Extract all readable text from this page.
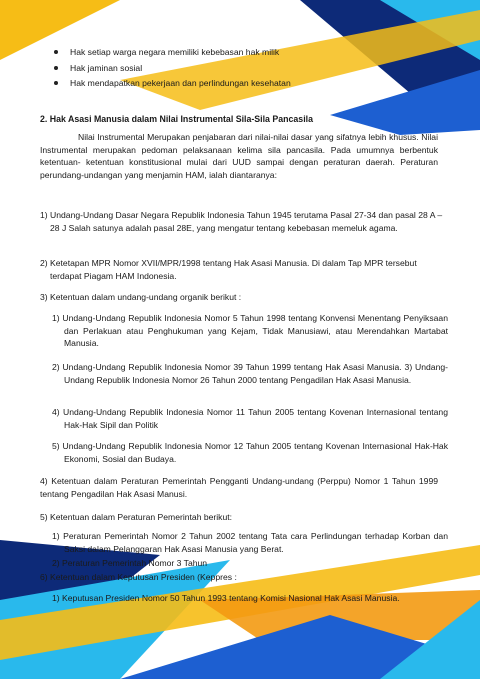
Hak setiap warga negara memiliki kebebasan hak milik
Hak jaminan sosial
Hak mendapatkan pekerjaan dan perlindungan kesehatan
2. Hak Asasi Manusia dalam Nilai Instrumental Sila-Sila Pancasila
Nilai Instrumental Merupakan penjabaran dari nilai-nilai dasar yang sifatnya lebih khusus. Nilai Instrumental merupakan pedoman pelaksanaan kelima sila pancasila. Pada umumnya berbentuk ketentuan- ketentuan konstitusional mulai dari UUD sampai dengan peraturan daerah. Peraturan perundang-undangan yang menjamin HAM, ialah diantaranya:
1) Undang-Undang Dasar Negara Republik Indonesia Tahun 1945 terutama Pasal 27-34 dan pasal 28 A – 28 J Salah satunya adalah pasal 28E, yang mengatur tentang kebebasan memeluk agama.
2) Ketetapan MPR Nomor XVII/MPR/1998 tentang Hak Asasi Manusia. Di dalam Tap MPR tersebut terdapat Piagam HAM Indonesia.
3) Ketentuan dalam undang-undang organik berikut :
1) Undang-Undang Republik Indonesia Nomor 5 Tahun 1998 tentang Konvensi Menentang Penyiksaan dan Perlakuan atau Penghukuman yang Kejam, Tidak Manusiawi, atau Merendahkan Martabat Manusia.
2) Undang-Undang Republik Indonesia Nomor 39 Tahun 1999 tentang Hak Asasi Manusia. 3) Undang-Undang Republik Indonesia Nomor 26 Tahun 2000 tentang Pengadilan Hak Asasi Manusia.
4) Undang-Undang Republik Indonesia Nomor 11 Tahun 2005 tentang Kovenan Internasional tentang Hak-Hak Sipil dan Politik
5) Undang-Undang Republik Indonesia Nomor 12 Tahun 2005 tentang Kovenan Internasional Hak-Hak Ekonomi, Sosial dan Budaya.
4) Ketentuan dalam Peraturan Pemerintah Pengganti Undang-undang (Perppu) Nomor 1 Tahun 1999 tentang Pengadilan Hak Asasi Manusi.
5) Ketentuan dalam Peraturan Pemerintah berikut:
1) Peraturan Pemerintah Nomor 2 Tahun 2002 tentang Tata cara Perlindungan terhadap Korban dan Saksi dalam Pelanggaran Hak Asasi Manusia yang Berat.
2) Peraturan Pemerintah Nomor 3 Tahun
6) Ketentuan dalam Keputusan Presiden (Keppres :
1) Keputusan Presiden Nomor 50 Tahun 1993 tentang Komisi Nasional Hak Asasi Manusia.
